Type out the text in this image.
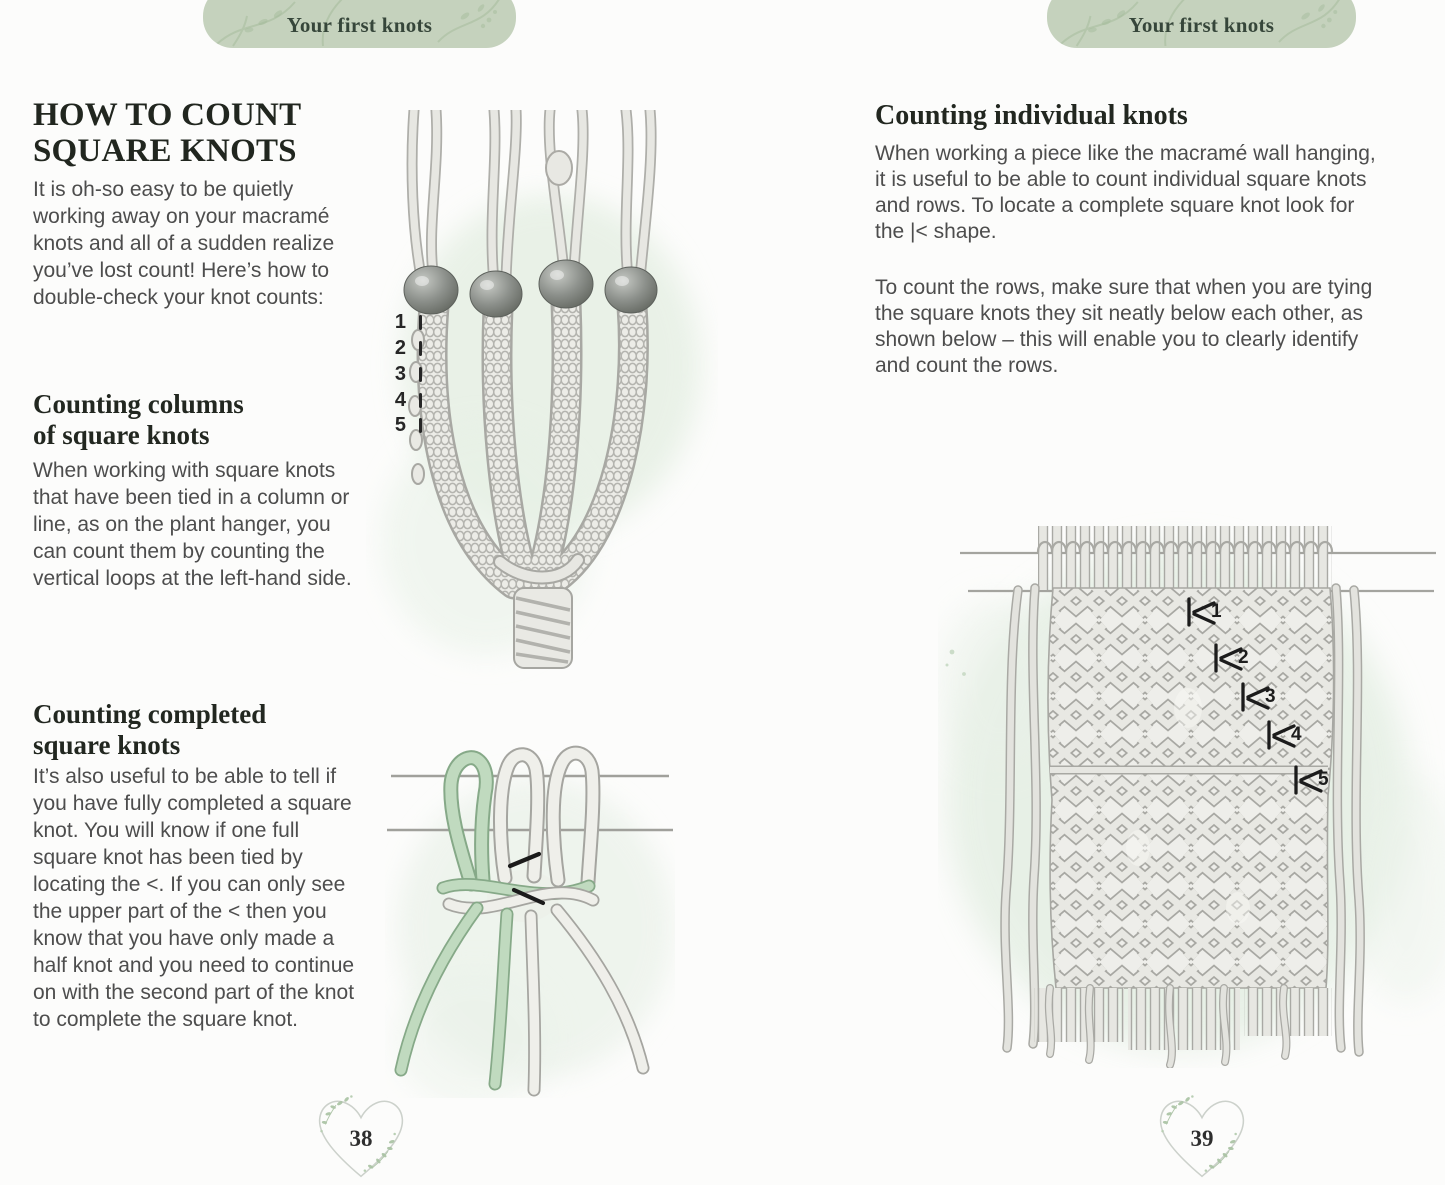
Your first knots	Your first knots
HOW TO COUNT
SQUARE KNOTS

It is oh-so easy to be quietly working away on your macramé knots and all of a sudden realize you’ve lost count! Here’s how to double-check your knot counts:

Counting columns
of square knots

When working with square knots that have been tied in a column or line, as on the plant hanger, you can count them by counting the vertical loops at the left-hand side.

Counting completed
square knots

It’s also useful to be able to tell if you have fully completed a square knot. You will know if one full square knot has been tied by locating the <. If you can only see the upper part of the < then you know that you have only made a half knot and you need to continue on with the second part of the knot to complete the square knot.

1
2
3
4
5
Counting individual knots

When working a piece like the macramé wall hanging, it is useful to be able to count individual square knots and rows. To locate a complete square knot look for the |< shape.

To count the rows, make sure that when you are tying the square knots they sit neatly below each other, as shown below – this will enable you to clearly identify and count the rows.

1
2
3
4
5
38	39
